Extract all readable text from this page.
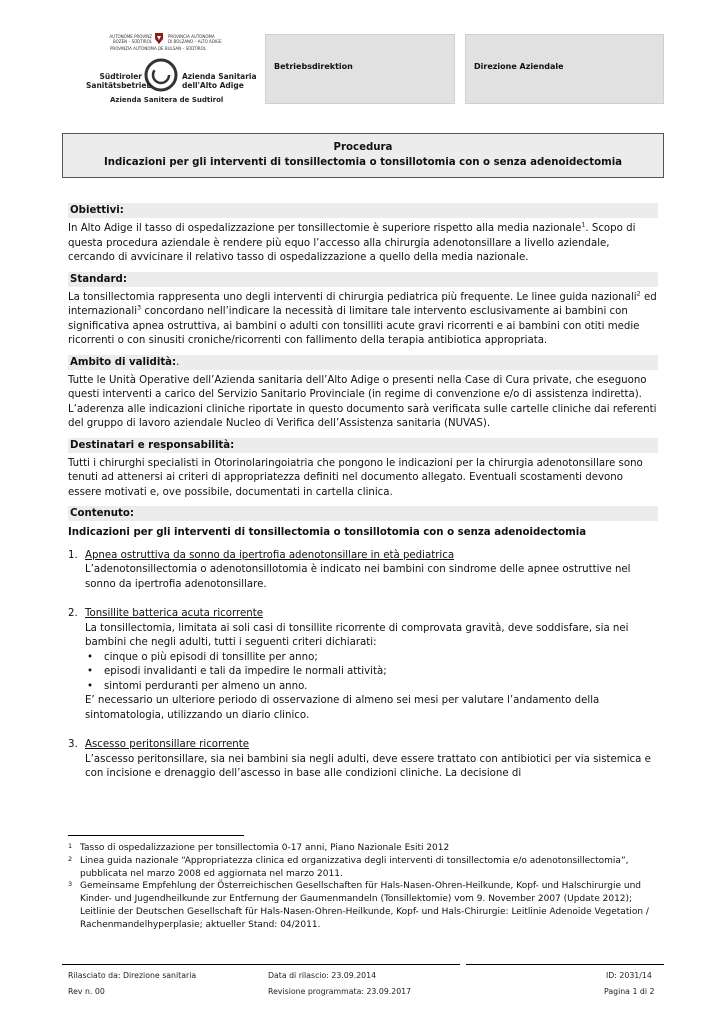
AUTONOME PROVINZ
BOZEN – SÜDTIROL
PROVINCIA AUTONOMA
DI BOLZANO – ALTO ADIGE
PROVINZIA AUTONOMA DE BULSAN – SÜDTIROL
Südtiroler
Sanitätsbetrieb
Azienda Sanitaria
dell'Alto Adige
Azienda Sanitera de Sudtirol
Betriebsdirektion	Direzione Aziendale
Procedura
Indicazioni per gli interventi di tonsillectomia o tonsillotomia con o senza adenoidectomia
Obiettivi:

In Alto Adige il tasso di ospedalizzazione per tonsillectomie è superiore rispetto alla media nazionale$^1$. Scopo di questa procedura aziendale è rendere più equo l’accesso alla chirurgia adenotonsillare a livello aziendale, cercando di avvicinare il relativo tasso di ospedalizzazione a quello della media nazionale.

Standard:

La tonsillectomia rappresenta uno degli interventi di chirurgia pediatrica più frequente. Le linee guida nazionali$^2$ ed internazionali$^3$ concordano nell’indicare la necessità di limitare tale intervento esclusivamente ai bambini con significativa apnea ostruttiva, ai bambini o adulti con tonsilliti acute gravi ricorrenti e ai bambini con otiti medie ricorrenti o con sinusiti croniche/ricorrenti con fallimento della terapia antibiotica appropriata.

Ambito di validità:.

Tutte le Unità Operative dell’Azienda sanitaria dell’Alto Adige o presenti nella Case di Cura private, che eseguono questi interventi a carico del Servizio Sanitario Provinciale (in regime di convenzione e/o di assistenza indiretta).

L’aderenza alle indicazioni cliniche riportate in questo documento sarà verificata sulle cartelle cliniche dai referenti del gruppo di lavoro aziendale Nucleo di Verifica dell’Assistenza sanitaria (NUVAS).

Destinatari e responsabilità:

Tutti i chirurghi specialisti in Otorinolaringoiatria che pongono le indicazioni per la chirurgia adenotonsillare sono tenuti ad attenersi ai criteri di appropriatezza definiti nel documento allegato. Eventuali scostamenti devono essere motivati e, ove possibile, documentati in cartella clinica.

Contenuto:

Indicazioni per gli interventi di tonsillectomia o tonsillotomia con o senza adenoidectomia

1. Apnea ostruttiva da sonno da ipertrofia adenotonsillare in età pediatrica
L’adenotonsillectomia o adenotonsillotomia è indicato nei bambini con sindrome delle apnee ostruttive nel sonno da ipertrofia adenotonsillare.
2. Tonsillite batterica acuta ricorrente
La tonsillectomia, limitata ai soli casi di tonsillite ricorrente di comprovata gravità, deve soddisfare, sia nei bambini che negli adulti, tutti i seguenti criteri dichiarati:
• cinque o più episodi di tonsillite per anno;
• episodi invalidanti e tali da impedire le normali attività;
• sintomi perduranti per almeno un anno.
E’ necessario un ulteriore periodo di osservazione di almeno sei mesi per valutare l’andamento della sintomatologia, utilizzando un diario clinico.
3. Ascesso peritonsillare ricorrente
L’ascesso peritonsillare, sia nei bambini sia negli adulti, deve essere trattato con antibiotici per via sistemica e con incisione e drenaggio dell’ascesso in base alle condizioni cliniche. La decisione di
1 Tasso di ospedalizzazione per tonsillectomia 0-17 anni, Piano Nazionale Esiti 2012
2 Linea guida nazionale “Appropriatezza clinica ed organizzativa degli interventi di tonsillectomia e/o adenotonsillectomia”, pubblicata nel marzo 2008 ed aggiornata nel marzo 2011.
3 Gemeinsame Empfehlung der Österreichischen Gesellschaften für Hals-Nasen-Ohren-Heilkunde, Kopf- und Halschirurgie und Kinder- und Jugendheilkunde zur Entfernung der Gaumenmandeln (Tonsillektomie) vom 9. November 2007 (Update 2012);
Leitlinie der Deutschen Gesellschaft für Hals-Nasen-Ohren-Heilkunde, Kopf- und Hals-Chirurgie: Leitlinie Adenoide Vegetation / Rachenmandelhyperplasie; aktueller Stand: 04/2011.
Rilasciato da: Direzione sanitaria	Data di rilascio: 23.09.2014	ID: 2031/14
Rev n. 00	Revisione programmata: 23.09.2017	Pagina 1 di 2
